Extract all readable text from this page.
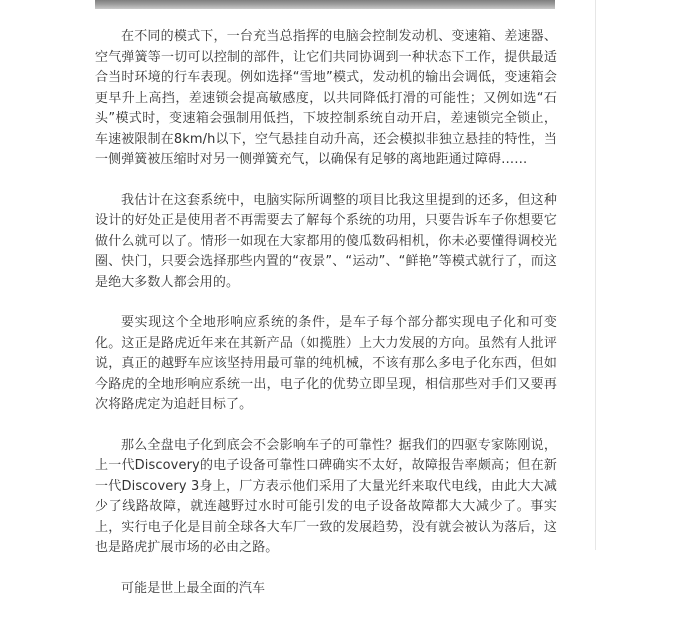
在不同的模式下，一台充当总指挥的电脑会控制发动机、变速箱、差速器、空气弹簧等一切可以控制的部件，让它们共同协调到一种状态下工作，提供最适合当时环境的行车表现。例如选择“雪地”模式，发动机的输出会调低，变速箱会更早升上高挡，差速锁会提高敏感度，以共同降低打滑的可能性；又例如选“石头”模式时，变速箱会强制用低挡，下坡控制系统自动开启，差速锁完全锁止，车速被限制在8km/h以下，空气悬挂自动升高，还会模拟非独立悬挂的特性，当一侧弹簧被压缩时对另一侧弹簧充气，以确保有足够的离地距通过障碍……

我估计在这套系统中，电脑实际所调整的项目比我这里提到的还多，但这种设计的好处正是使用者不再需要去了解每个系统的功用，只要告诉车子你想要它做什么就可以了。情形一如现在大家都用的傻瓜数码相机，你未必要懂得调校光圈、快门，只要会选择那些内置的“夜景”、“运动”、“鲜艳”等模式就行了，而这是绝大多数人都会用的。

要实现这个全地形响应系统的条件，是车子每个部分都实现电子化和可变化。这正是路虎近年来在其新产品（如揽胜）上大力发展的方向。虽然有人批评说，真正的越野车应该坚持用最可靠的纯机械，不该有那么多电子化东西，但如今路虎的全地形响应系统一出，电子化的优势立即呈现，相信那些对手们又要再次将路虎定为追赶目标了。

那么全盘电子化到底会不会影响车子的可靠性？据我们的四驱专家陈刚说，上一代Discovery的电子设备可靠性口碑确实不太好，故障报告率颇高；但在新一代Discovery 3身上，厂方表示他们采用了大量光纤来取代电线，由此大大减少了线路故障，就连越野过水时可能引发的电子设备故障都大大减少了。事实上，实行电子化是目前全球各大车厂一致的发展趋势，没有就会被认为落后，这也是路虎扩展市场的必由之路。

可能是世上最全面的汽车
